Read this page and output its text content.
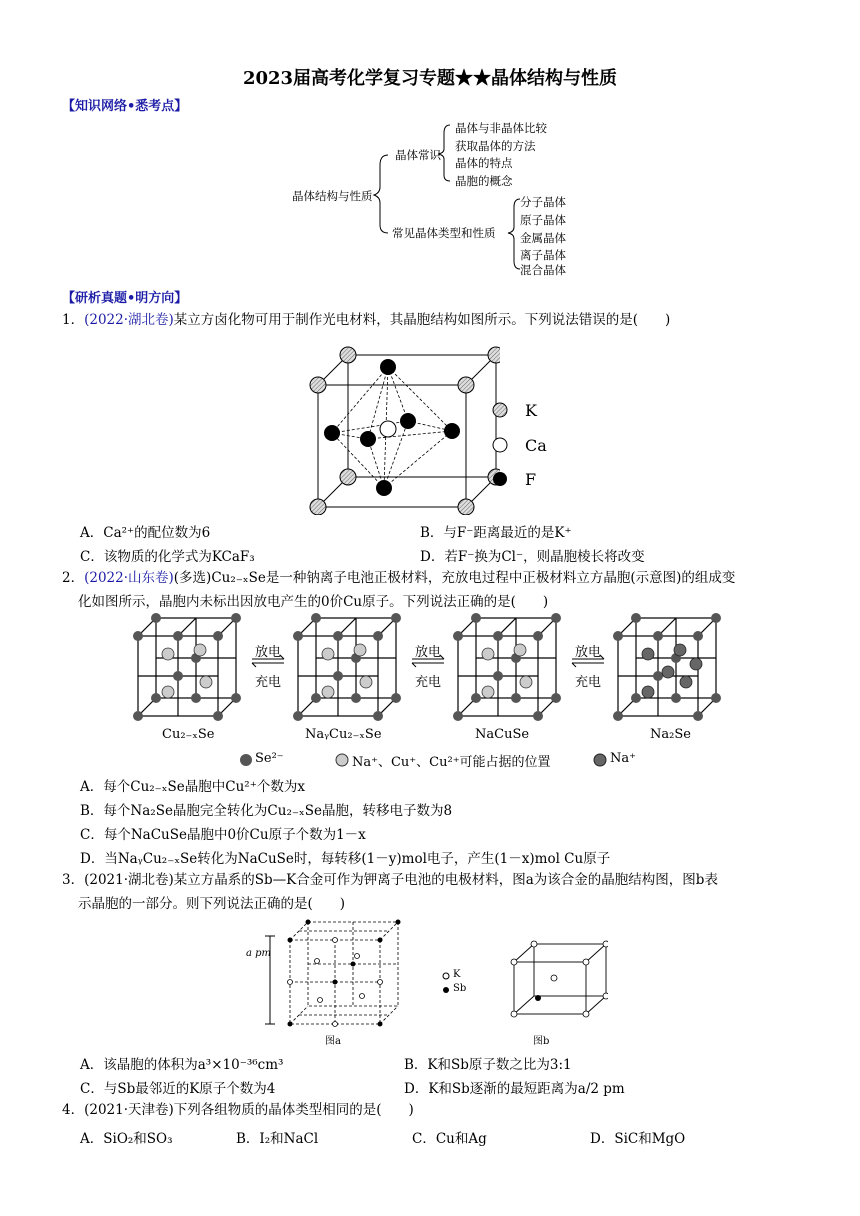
2023届高考化学复习专题★★晶体结构与性质
【知识网络•悉考点】
晶体结构与性质
晶体常识
晶体与非晶体比较
获取晶体的方法
晶体的特点
晶胞的概念
常见晶体类型和性质
分子晶体
原子晶体
金属晶体
离子晶体
混合晶体
【研析真题•明方向】
1．(2022·湖北卷)某立方卤化物可用于制作光电材料，其晶胞结构如图所示。下列说法错误的是(　　)
K
Ca
F
A．Ca²⁺的配位数为6	B．与F⁻距离最近的是K⁺
C．该物质的化学式为KCaF₃	D．若F⁻换为Cl⁻，则晶胞棱长将改变
2．(2022·山东卷)(多选)Cu₂₋ₓSe是一种钠离子电池正极材料，充放电过程中正极材料立方晶胞(示意图)的组成变
化如图所示，晶胞内未标出因放电产生的0价Cu原子。下列说法正确的是(　　)
放电
充电
放电
充电
放电
充电
Cu₂₋ₓSe	NaᵧCu₂₋ₓSe	NaCuSe	Na₂Se
Se²⁻	Na⁺、Cu⁺、Cu²⁺可能占据的位置	Na⁺
A．每个Cu₂₋ₓSe晶胞中Cu²⁺个数为x
B．每个Na₂Se晶胞完全转化为Cu₂₋ₓSe晶胞，转移电子数为8
C．每个NaCuSe晶胞中0价Cu原子个数为1－x
D．当NaᵧCu₂₋ₓSe转化为NaCuSe时，每转移(1－y)mol电子，产生(1－x)mol Cu原子
3．(2021·湖北卷)某立方晶系的Sb—K合金可作为钾离子电池的电极材料，图a为该合金的晶胞结构图，图b表
示晶胞的一部分。则下列说法正确的是(　　)
a pm
K
Sb
图a	图b
A．该晶胞的体积为a³×10⁻³⁶cm³	B．K和Sb原子数之比为3:1
C．与Sb最邻近的K原子个数为4	D．K和Sb逐渐的最短距离为a/2 pm
4．(2021·天津卷)下列各组物质的晶体类型相同的是(　　)
A．SiO₂和SO₃	B．I₂和NaCl	C．Cu和Ag	D．SiC和MgO
